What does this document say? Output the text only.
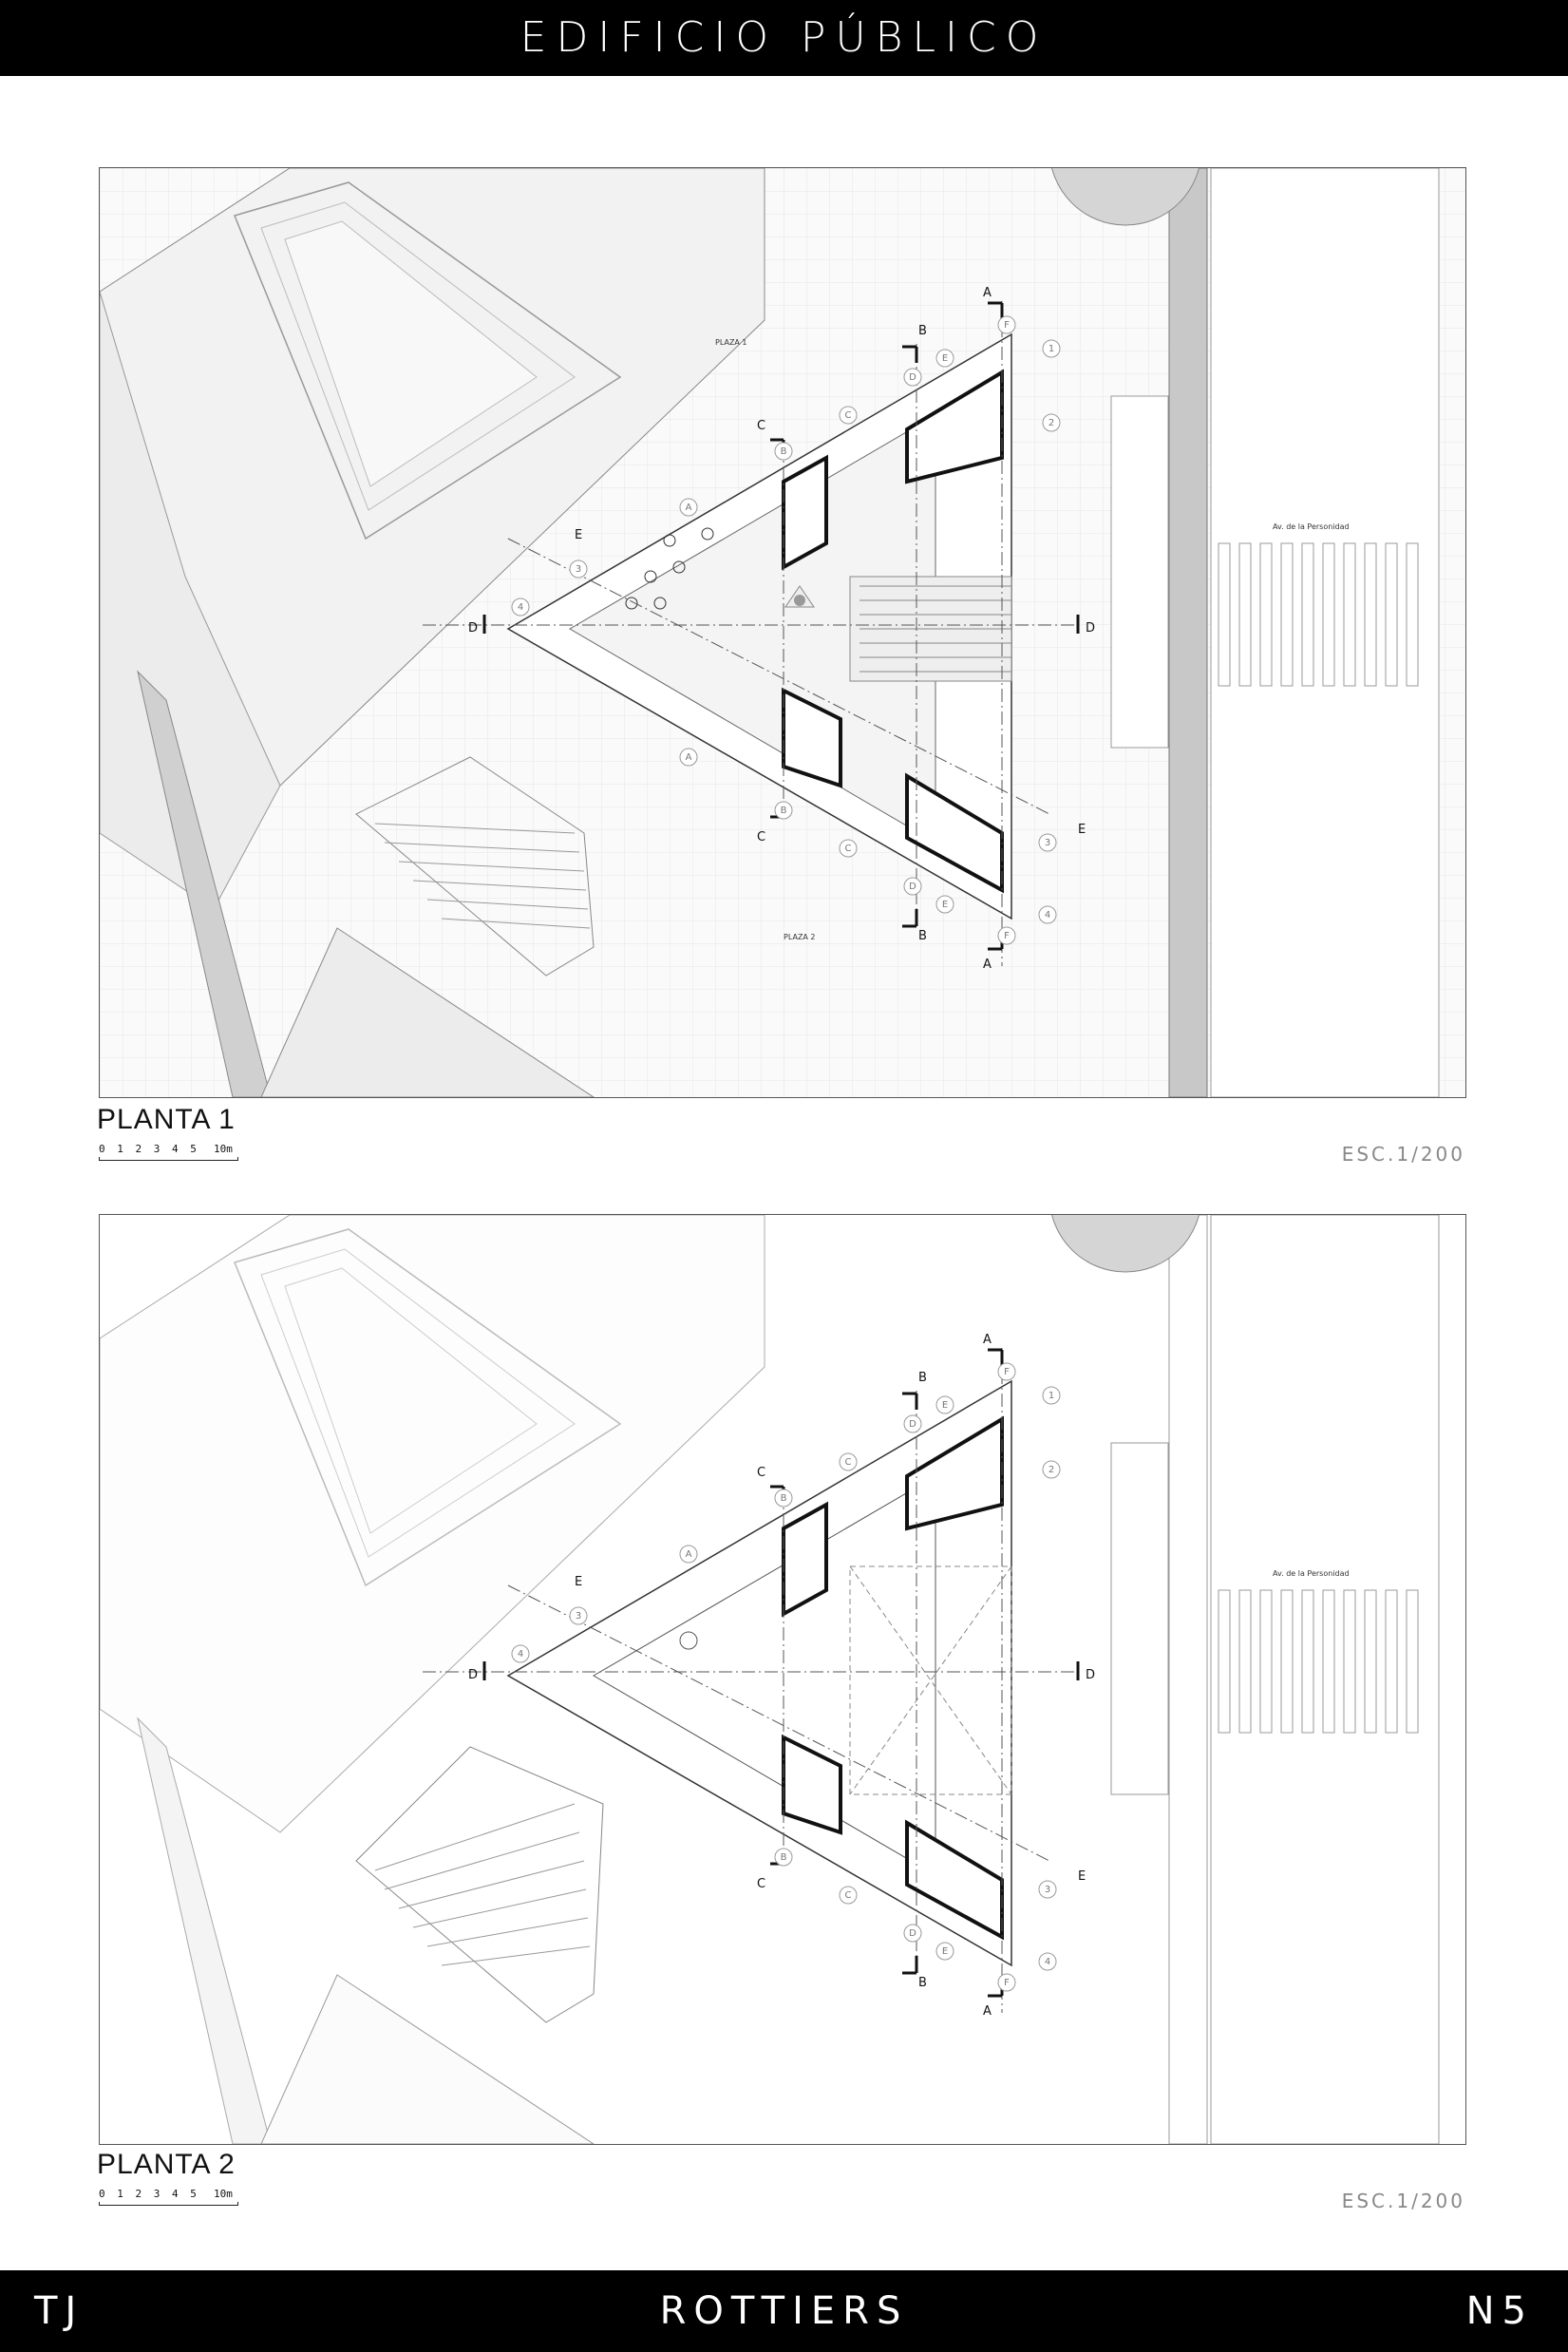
EDIFICIO PÚBLICO
Av. de la Personidad
A
A
B
B
C
C
D	D
E
E
1
2
3
4
3
4
A
A
B
B
C
C
D
D
E
E
F
F
PLAZA 1
PLAZA 2
PLANTA 1
0 1 2 3 4 5 10m	ESC.1/200
Av. de la Personidad
A
A
B
B
C
C
D	D
E
E
1
2
3
4
3
4
A
B
B
C
C
D
D
E
E
F
F
PLANTA 2
0 1 2 3 4 5 10m	ESC.1/200
TJ	ROTTIERS	N5
